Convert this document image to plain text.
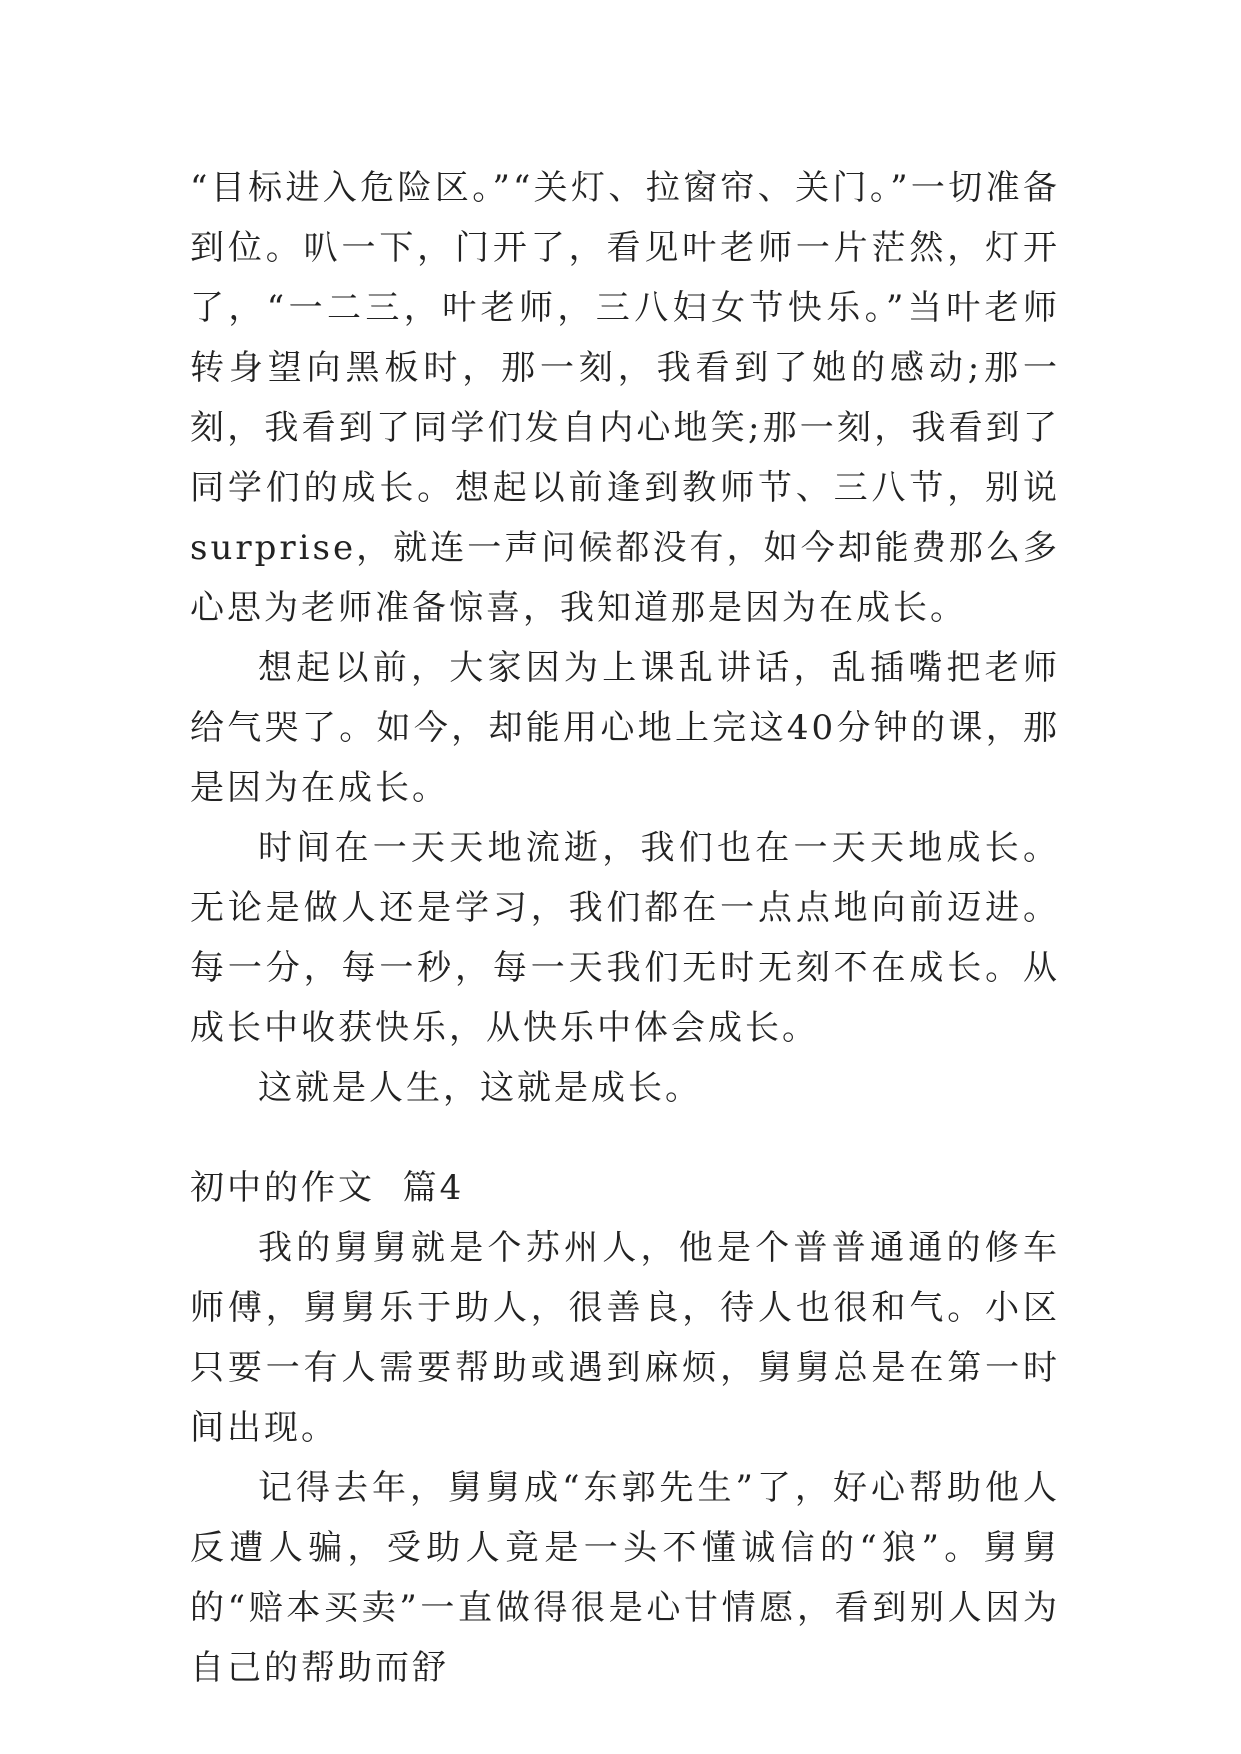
“目标进入危险区。”“关灯、拉窗帘、关门。”一切准备到位。叭一下，门开了，看见叶老师一片茫然，灯开了，“一二三，叶老师，三八妇女节快乐。”当叶老师转身望向黑板时，那一刻，我看到了她的感动;那一刻，我看到了同学们发自内心地笑;那一刻，我看到了同学们的成长。想起以前逢到教师节、三八节，别说surprise，就连一声问候都没有，如今却能费那么多心思为老师准备惊喜，我知道那是因为在成长。

想起以前，大家因为上课乱讲话，乱插嘴把老师给气哭了。如今，却能用心地上完这40分钟的课，那是因为在成长。

时间在一天天地流逝，我们也在一天天地成长。无论是做人还是学习，我们都在一点点地向前迈进。每一分，每一秒，每一天我们无时无刻不在成长。从成长中收获快乐，从快乐中体会成长。

这就是人生，这就是成长。

初中的作文  篇4

我的舅舅就是个苏州人，他是个普普通通的修车师傅，舅舅乐于助人，很善良，待人也很和气。小区只要一有人需要帮助或遇到麻烦，舅舅总是在第一时间出现。

记得去年，舅舅成“东郭先生”了，好心帮助他人反遭人骗，受助人竟是一头不懂诚信的“狼”。舅舅的“赔本买卖”一直做得很是心甘情愿，看到别人因为自己的帮助而舒
